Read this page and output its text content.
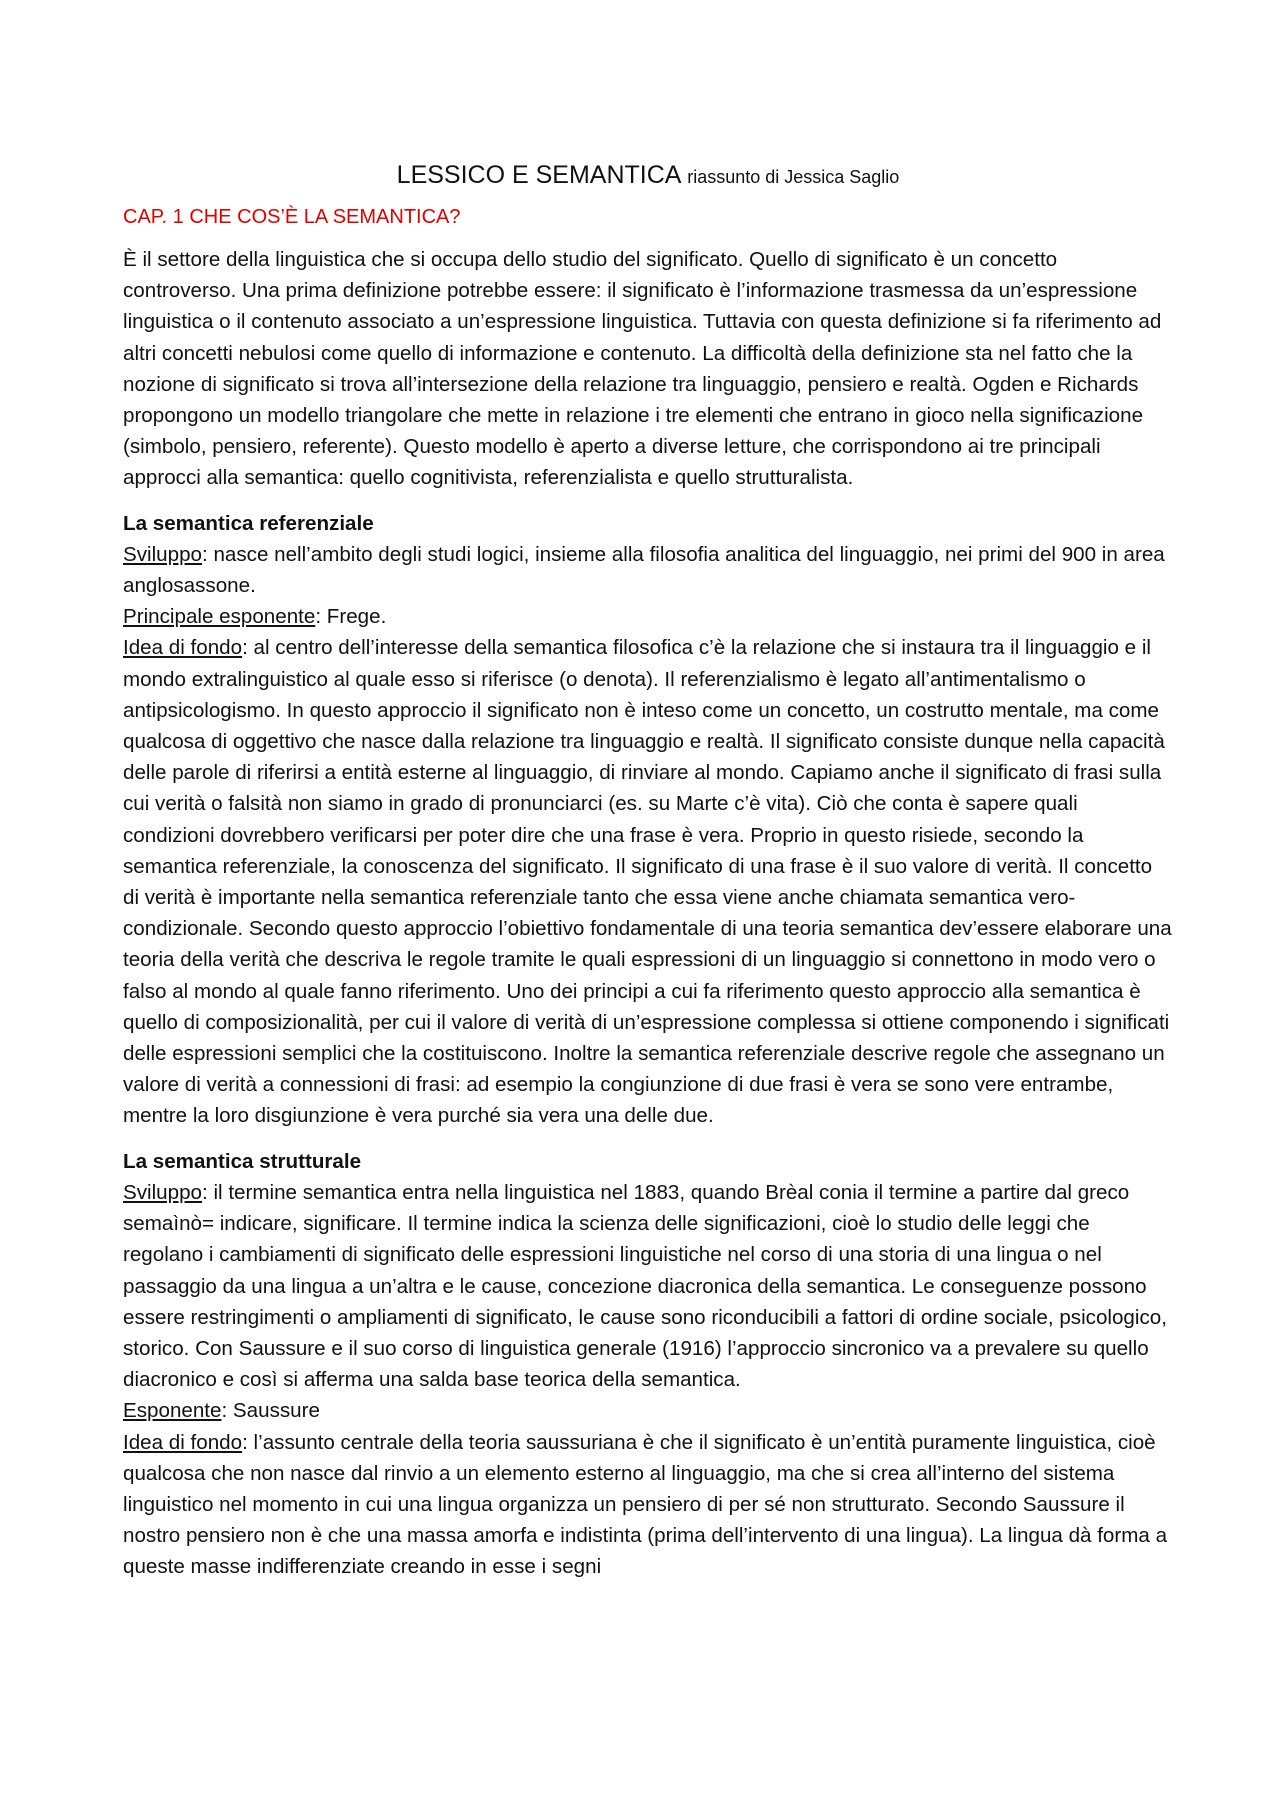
LESSICO E SEMANTICA riassunto di Jessica Saglio
CAP. 1 CHE COS’È LA SEMANTICA?

È il settore della linguistica che si occupa dello studio del significato. Quello di significato è un concetto controverso. Una prima definizione potrebbe essere: il significato è l’informazione trasmessa da un’espressione linguistica o il contenuto associato a un’espressione linguistica. Tuttavia con questa definizione si fa riferimento ad altri concetti nebulosi come quello di informazione e contenuto. La difficoltà della definizione sta nel fatto che la nozione di significato si trova all’intersezione della relazione tra linguaggio, pensiero e realtà. Ogden e Richards propongono un modello triangolare che mette in relazione i tre elementi che entrano in gioco nella significazione (simbolo, pensiero, referente). Questo modello è aperto a diverse letture, che corrispondono ai tre principali approcci alla semantica: quello cognitivista, referenzialista e quello strutturalista.

La semantica referenziale

Sviluppo: nasce nell’ambito degli studi logici, insieme alla filosofia analitica del linguaggio, nei primi del 900 in area anglosassone.

Principale esponente: Frege.

Idea di fondo: al centro dell’interesse della semantica filosofica c’è la relazione che si instaura tra il linguaggio e il mondo extralinguistico al quale esso si riferisce (o denota). Il referenzialismo è legato all’antimentalismo o antipsicologismo. In questo approccio il significato non è inteso come un concetto, un costrutto mentale, ma come qualcosa di oggettivo che nasce dalla relazione tra linguaggio e realtà. Il significato consiste dunque nella capacità delle parole di riferirsi a entità esterne al linguaggio, di rinviare al mondo. Capiamo anche il significato di frasi sulla cui verità o falsità non siamo in grado di pronunciarci (es. su Marte c’è vita). Ciò che conta è sapere quali condizioni dovrebbero verificarsi per poter dire che una frase è vera. Proprio in questo risiede, secondo la semantica referenziale, la conoscenza del significato. Il significato di una frase è il suo valore di verità. Il concetto di verità è importante nella semantica referenziale tanto che essa viene anche chiamata semantica vero-condizionale. Secondo questo approccio l’obiettivo fondamentale di una teoria semantica dev’essere elaborare una teoria della verità che descriva le regole tramite le quali espressioni di un linguaggio si connettono in modo vero o falso al mondo al quale fanno riferimento. Uno dei principi a cui fa riferimento questo approccio alla semantica è quello di composizionalità, per cui il valore di verità di un’espressione complessa si ottiene componendo i significati delle espressioni semplici che la costituiscono. Inoltre la semantica referenziale descrive regole che assegnano un valore di verità a connessioni di frasi: ad esempio la congiunzione di due frasi è vera se sono vere entrambe, mentre la loro disgiunzione è vera purché sia vera una delle due.

La semantica strutturale

Sviluppo: il termine semantica entra nella linguistica nel 1883, quando Brèal conia il termine a partire dal greco semaìnò= indicare, significare. Il termine indica la scienza delle significazioni, cioè lo studio delle leggi che regolano i cambiamenti di significato delle espressioni linguistiche nel corso di una storia di una lingua o nel passaggio da una lingua a un’altra e le cause, concezione diacronica della semantica. Le conseguenze possono essere restringimenti o ampliamenti di significato, le cause sono riconducibili a fattori di ordine sociale, psicologico, storico. Con Saussure e il suo corso di linguistica generale (1916) l’approccio sincronico va a prevalere su quello diacronico e così si afferma una salda base teorica della semantica.

Esponente: Saussure

Idea di fondo: l’assunto centrale della teoria saussuriana è che il significato è un’entità puramente linguistica, cioè qualcosa che non nasce dal rinvio a un elemento esterno al linguaggio, ma che si crea all’interno del sistema linguistico nel momento in cui una lingua organizza un pensiero di per sé non strutturato. Secondo Saussure il nostro pensiero non è che una massa amorfa e indistinta (prima dell’intervento di una lingua). La lingua dà forma a queste masse indifferenziate creando in esse i segni
